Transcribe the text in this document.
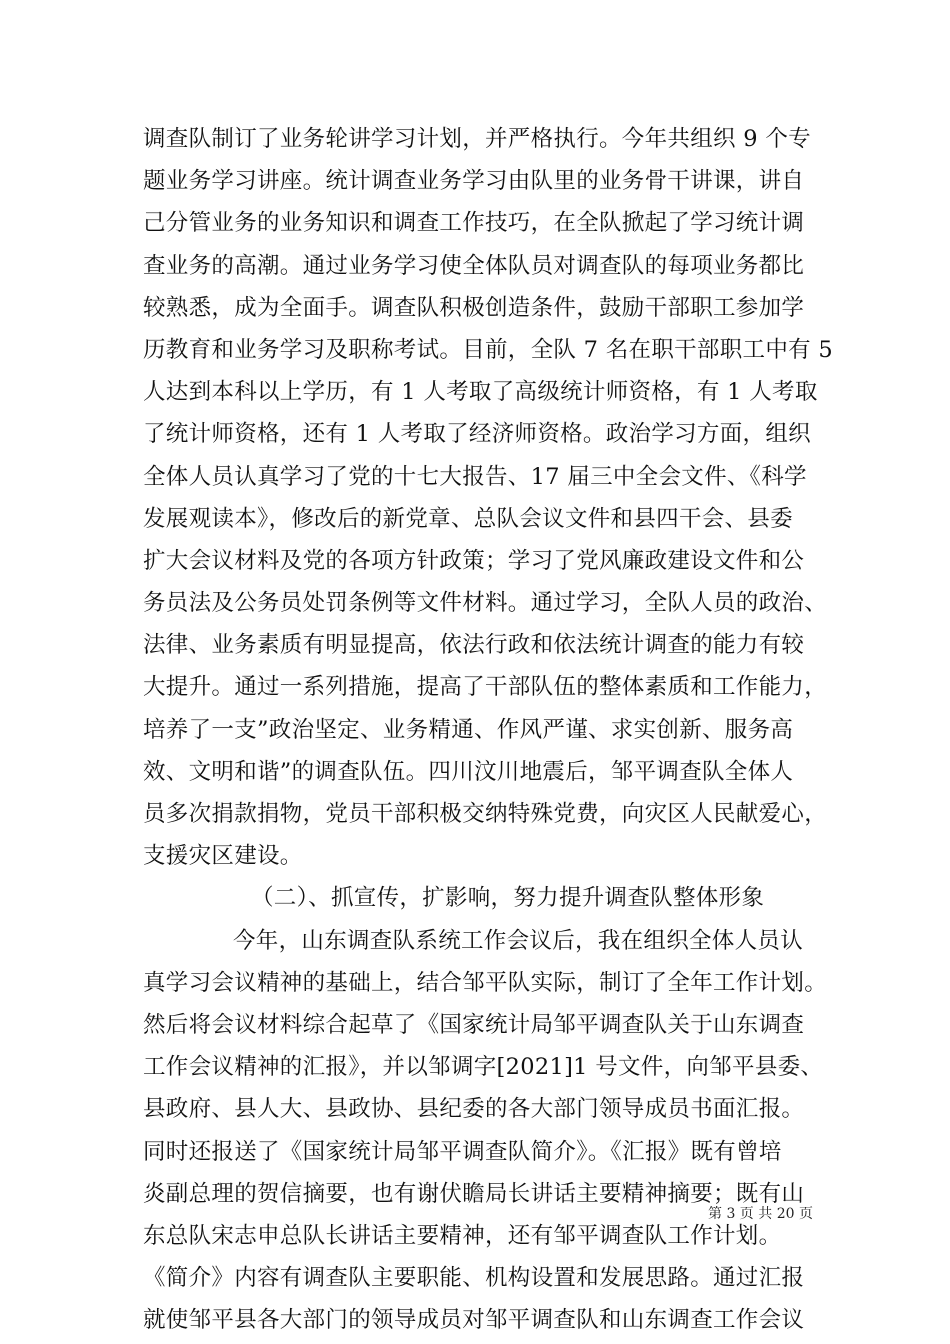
调查队制订了业务轮讲学习计划，并严格执行。今年共组织 9 个专
题业务学习讲座。统计调查业务学习由队里的业务骨干讲课，讲自
己分管业务的业务知识和调查工作技巧，在全队掀起了学习统计调
查业务的高潮。通过业务学习使全体队员对调查队的每项业务都比
较熟悉，成为全面手。调查队积极创造条件，鼓励干部职工参加学
历教育和业务学习及职称考试。目前，全队 7 名在职干部职工中有 5
人达到本科以上学历，有 1 人考取了高级统计师资格，有 1 人考取
了统计师资格，还有 1 人考取了经济师资格。政治学习方面，组织
全体人员认真学习了党的十七大报告、17 届三中全会文件、《科学
发展观读本》，修改后的新党章、总队会议文件和县四干会、县委
扩大会议材料及党的各项方针政策；学习了党风廉政建设文件和公
务员法及公务员处罚条例等文件材料。通过学习，全队人员的政治、
法律、业务素质有明显提高，依法行政和依法统计调查的能力有较
大提升。通过一系列措施，提高了干部队伍的整体素质和工作能力，
培养了一支”政治坚定、业务精通、作风严谨、求实创新、服务高
效、文明和谐”的调查队伍。四川汶川地震后，邹平调查队全体人
员多次捐款捐物，党员干部积极交纳特殊党费，向灾区人民献爱心，
支援灾区建设。
（二）、抓宣传，扩影响，努力提升调查队整体形象
今年，山东调查队系统工作会议后，我在组织全体人员认
真学习会议精神的基础上，结合邹平队实际，制订了全年工作计划。
然后将会议材料综合起草了《国家统计局邹平调查队关于山东调查
工作会议精神的汇报》，并以邹调字[2021]1 号文件，向邹平县委、
县政府、县人大、县政协、县纪委的各大部门领导成员书面汇报。
同时还报送了《国家统计局邹平调查队简介》。《汇报》既有曾培
炎副总理的贺信摘要，也有谢伏瞻局长讲话主要精神摘要；既有山
东总队宋志申总队长讲话主要精神，还有邹平调查队工作计划。
《简介》内容有调查队主要职能、机构设置和发展思路。通过汇报
就使邹平县各大部门的领导成员对邹平调查队和山东调查工作会议
第 3 页 共 20 页
